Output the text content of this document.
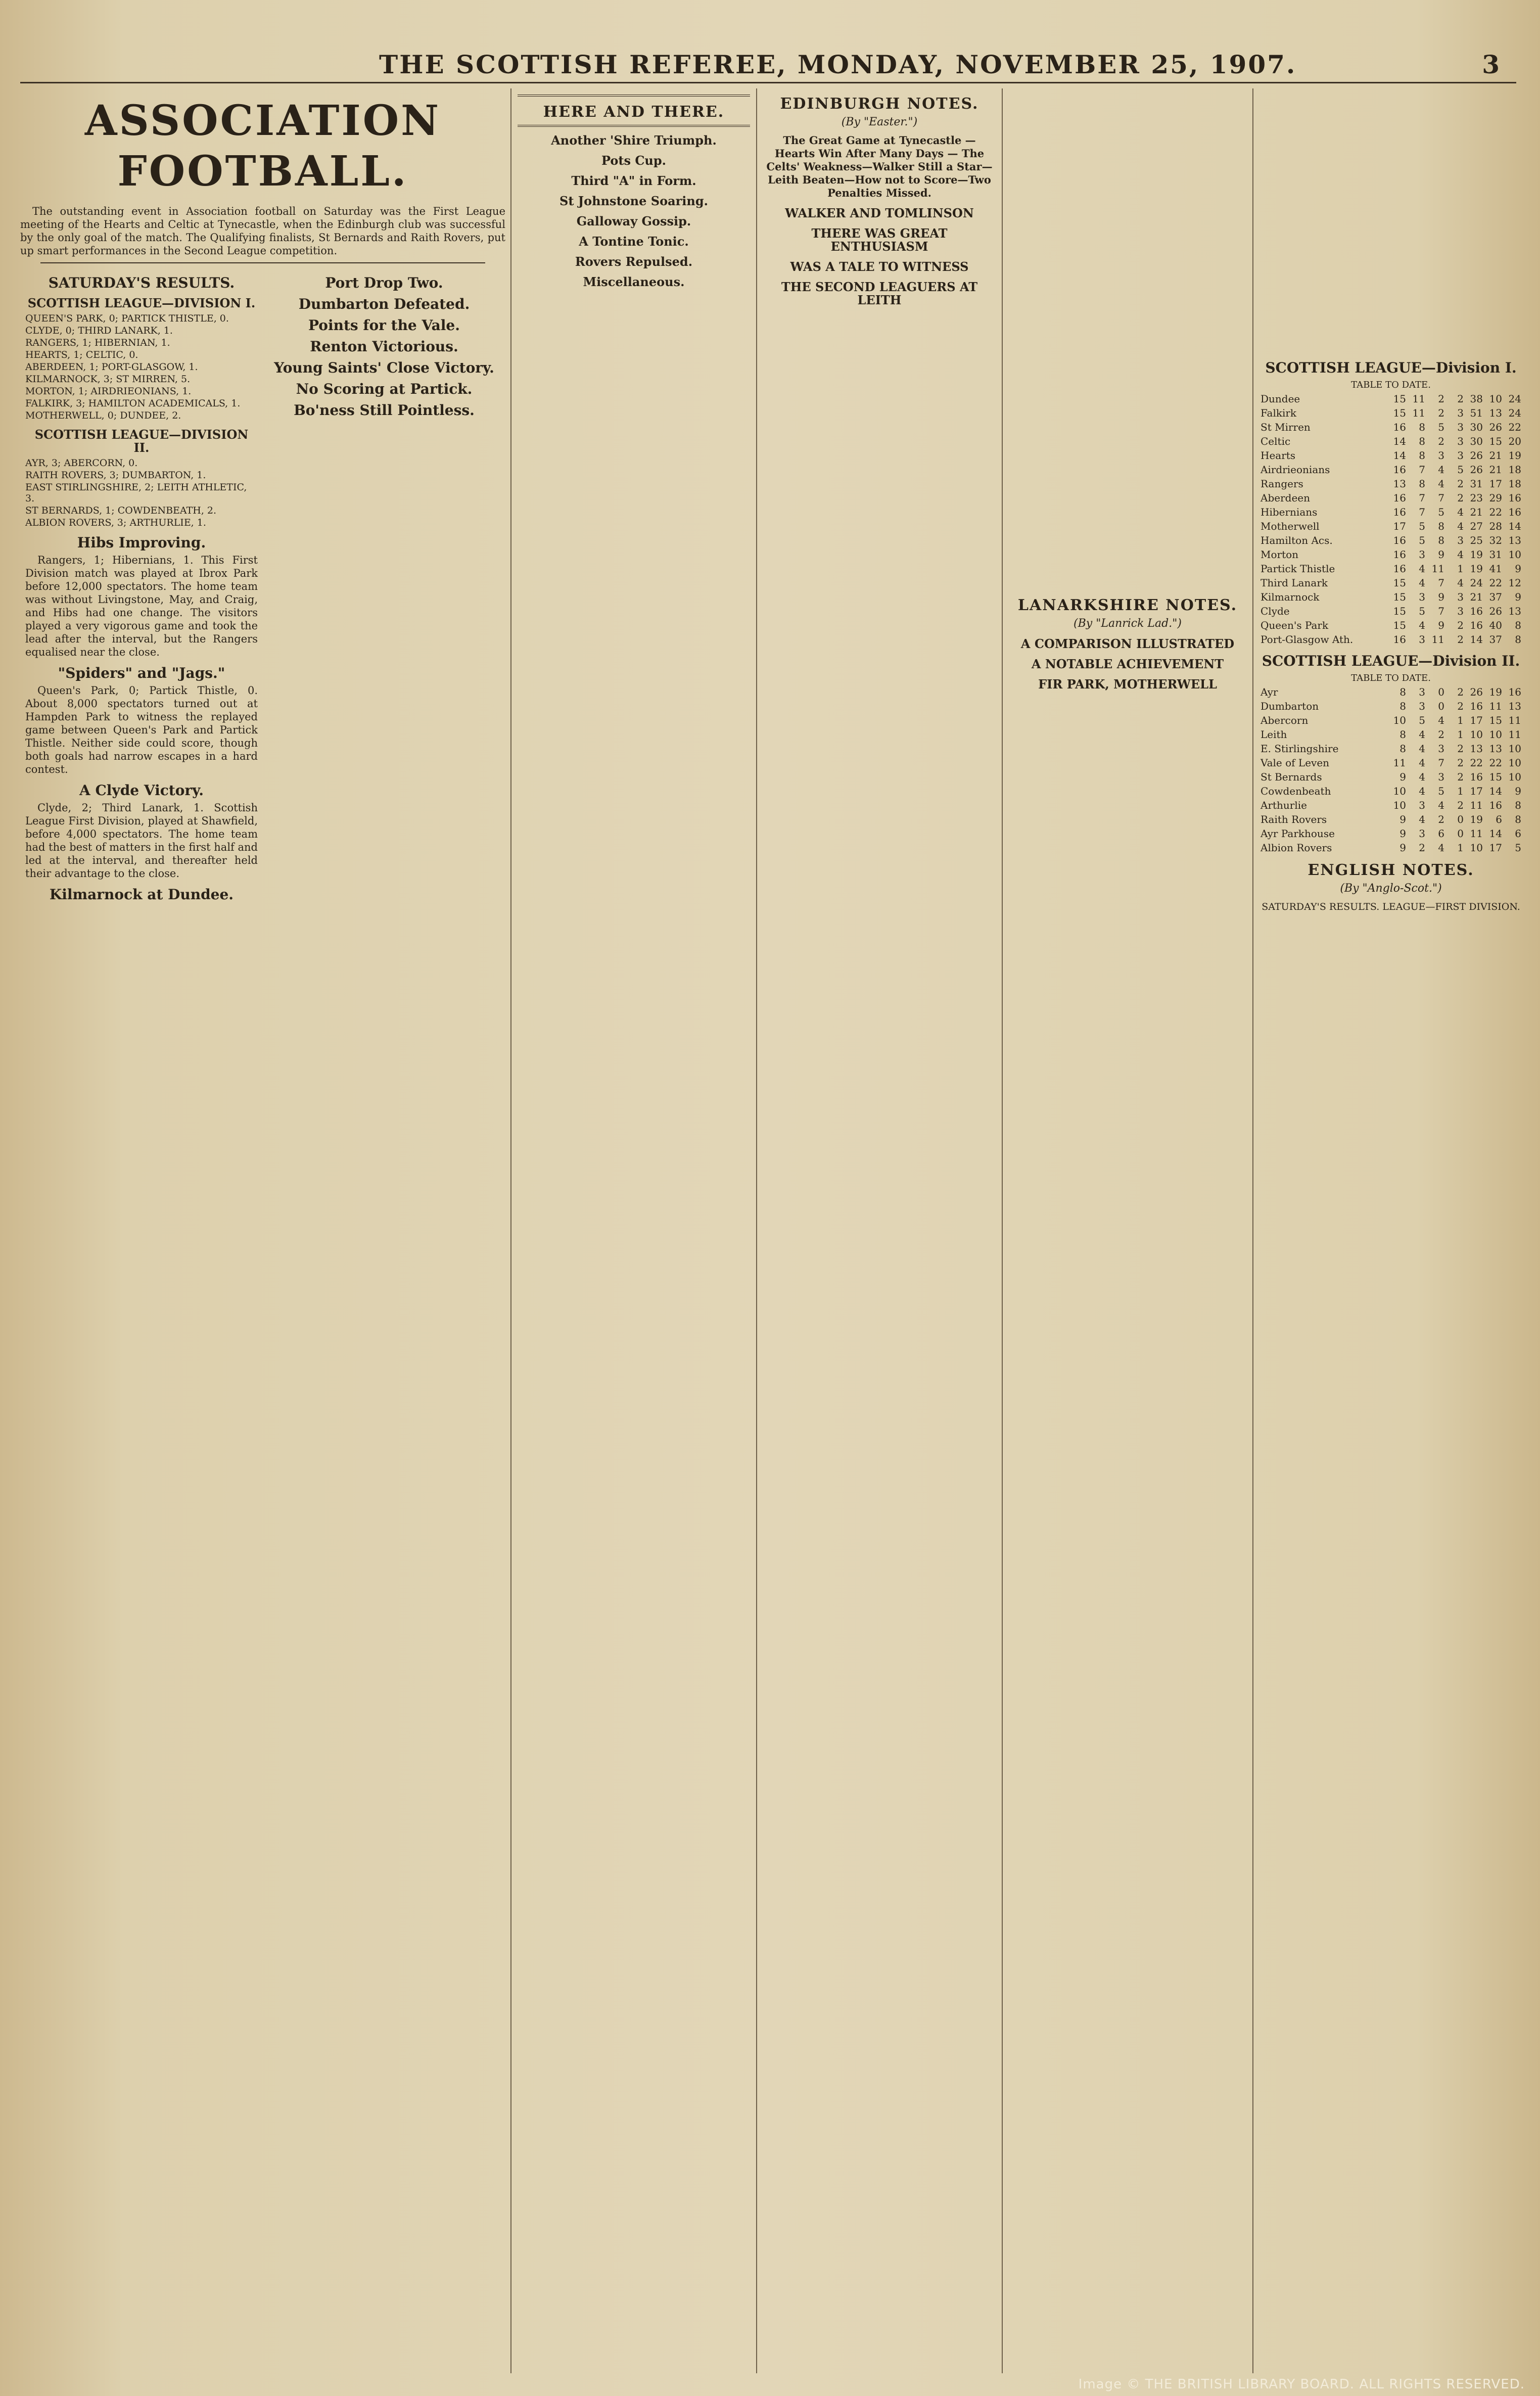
THE SCOTTISH REFEREE, MONDAY, NOVEMBER 25, 1907.	3
ASSOCIATION FOOTBALL.

The outstanding event in Association football on Saturday was the First League meeting of the Hearts and Celtic at Tynecastle, when the Edinburgh club was successful by the only goal of the match. The Qualifying finalists, St Bernards and Raith Rovers, put up smart performances in the Second League competition.

SATURDAY'S RESULTS.
SCOTTISH LEAGUE—DIVISION I.
QUEEN'S PARK, 0; PARTICK THISTLE, 0.
CLYDE, 0; THIRD LANARK, 1.
RANGERS, 1; HIBERNIAN, 1.
HEARTS, 1; CELTIC, 0.
ABERDEEN, 1; PORT-GLASGOW, 1.
KILMARNOCK, 3; ST MIRREN, 5.
MORTON, 1; AIRDRIEONIANS, 1.
FALKIRK, 3; HAMILTON ACADEMICALS, 1.
MOTHERWELL, 0; DUNDEE, 2.
SCOTTISH LEAGUE—DIVISION II.
AYR, 3; ABERCORN, 0.
RAITH ROVERS, 3; DUMBARTON, 1.
EAST STIRLINGSHIRE, 2; LEITH ATHLETIC, 3.
ST BERNARDS, 1; COWDENBEATH, 2.
ALBION ROVERS, 3; ARTHURLIE, 1.
Hibs Improving.

Rangers, 1; Hibernians, 1. This First Division match was played at Ibrox Park before 12,000 spectators. The home team was without Livingstone, May, and Craig, and Hibs had one change. The visitors played a very vigorous game and took the lead after the interval, but the Rangers equalised near the close.

"Spiders" and "Jags."

Queen's Park, 0; Partick Thistle, 0. About 8,000 spectators turned out at Hampden Park to witness the replayed game between Queen's Park and Partick Thistle. Neither side could score, though both goals had narrow escapes in a hard contest.

A Clyde Victory.

Clyde, 2; Third Lanark, 1. Scottish League First Division, played at Shawfield, before 4,000 spectators. The home team had the best of matters in the first half and led at the interval, and thereafter held their advantage to the close.

Kilmarnock at Dundee.
Port Drop Two.
Dumbarton Defeated.
Points for the Vale.
Renton Victorious.
Young Saints' Close Victory.
No Scoring at Partick.
Bo'ness Still Pointless.
HERE AND THERE.
Another 'Shire Triumph.
Pots Cup.
Third "A" in Form.
St Johnstone Soaring.
Galloway Gossip.
A Tontine Tonic.
Rovers Repulsed.
Miscellaneous.
EDINBURGH NOTES.
(By "Easter.")

The Great Game at Tynecastle — Hearts Win After Many Days — The Celts' Weakness—Walker Still a Star—Leith Beaten—How not to Score—Two Penalties Missed.

WALKER AND TOMLINSON
THERE WAS GREAT ENTHUSIASM
WAS A TALE TO WITNESS
THE SECOND LEAGUERS AT LEITH
LANARKSHIRE NOTES.
(By "Lanrick Lad.")
A COMPARISON ILLUSTRATED
A NOTABLE ACHIEVEMENT
FIR PARK, MOTHERWELL
SCOTTISH LEAGUE—Division I.
TABLE TO DATE.
Dundee	15	11	2	2	38	10	24
Falkirk	15	11	2	3	51	13	24
St Mirren	16	8	5	3	30	26	22
Celtic	14	8	2	3	30	15	20
Hearts	14	8	3	3	26	21	19
Airdrieonians	16	7	4	5	26	21	18
Rangers	13	8	4	2	31	17	18
Aberdeen	16	7	7	2	23	29	16
Hibernians	16	7	5	4	21	22	16
Motherwell	17	5	8	4	27	28	14
Hamilton Acs.	16	5	8	3	25	32	13
Morton	16	3	9	4	19	31	10
Partick Thistle	16	4	11	1	19	41	9
Third Lanark	15	4	7	4	24	22	12
Kilmarnock	15	3	9	3	21	37	9
Clyde	15	5	7	3	16	26	13
Queen's Park	15	4	9	2	16	40	8
Port-Glasgow Ath.	16	3	11	2	14	37	8
SCOTTISH LEAGUE—Division II.
TABLE TO DATE.
Ayr	8	3	0	2	26	19	16
Dumbarton	8	3	0	2	16	11	13
Abercorn	10	5	4	1	17	15	11
Leith	8	4	2	1	10	10	11
E. Stirlingshire	8	4	3	2	13	13	10
Vale of Leven	11	4	7	2	22	22	10
St Bernards	9	4	3	2	16	15	10
Cowdenbeath	10	4	5	1	17	14	9
Arthurlie	10	3	4	2	11	16	8
Raith Rovers	9	4	2	0	19	6	8
Ayr Parkhouse	9	3	6	0	11	14	6
Albion Rovers	9	2	4	1	10	17	5
ENGLISH NOTES.
(By "Anglo-Scot.")
SATURDAY'S RESULTS. LEAGUE—FIRST DIVISION.
Image © THE BRITISH LIBRARY BOARD. ALL RIGHTS RESERVED.
